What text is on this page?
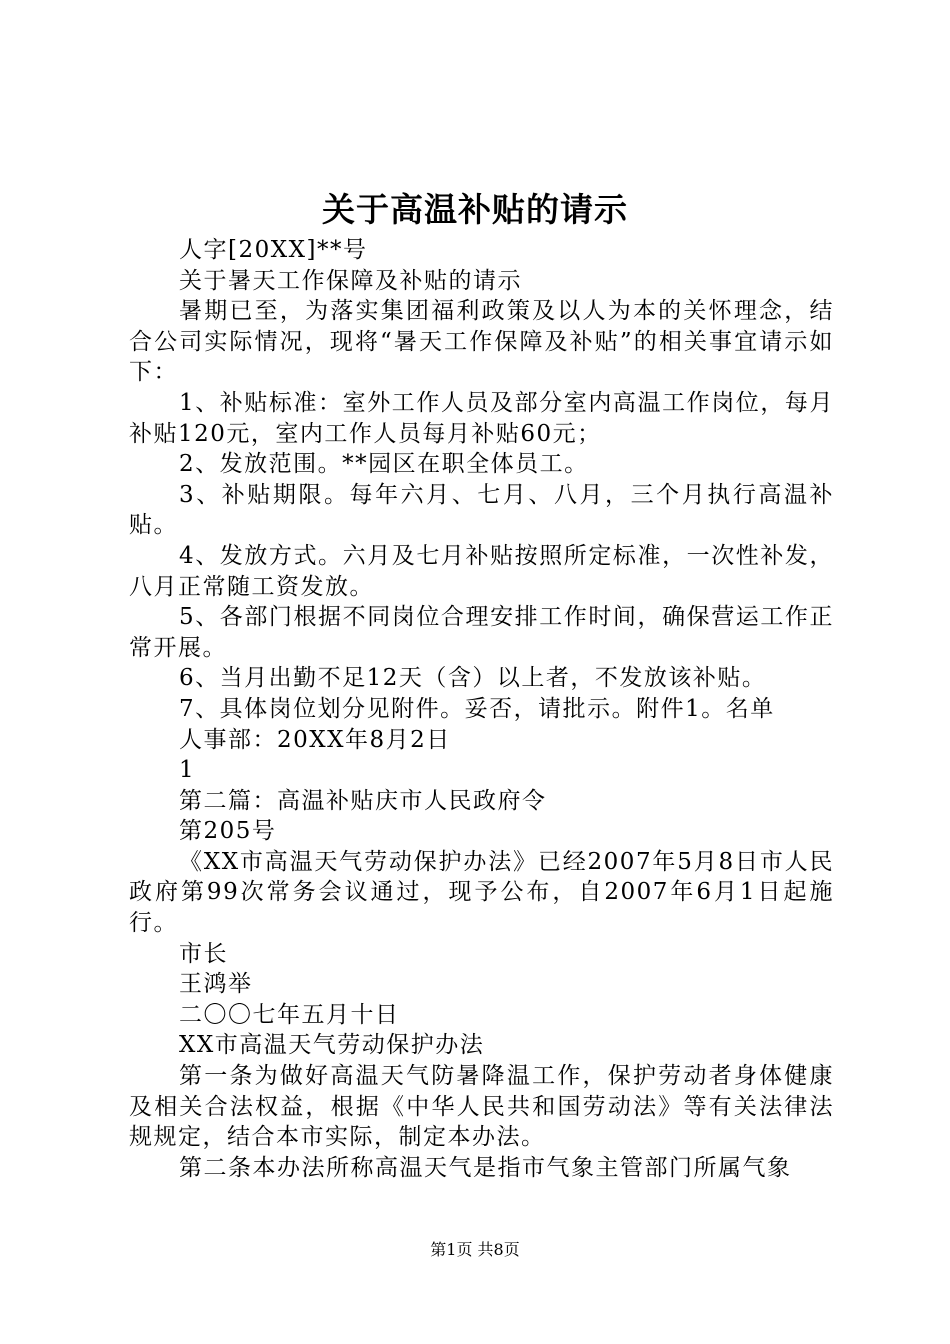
关于高温补贴的请示

人字[20XX]**号

关于暑天工作保障及补贴的请示

暑期已至，为落实集团福利政策及以人为本的关怀理念，结合公司实际情况，现将“暑天工作保障及补贴”的相关事宜请示如下：

1、补贴标准：室外工作人员及部分室内高温工作岗位，每月补贴120元，室内工作人员每月补贴60元；

2、发放范围。**园区在职全体员工。

3、补贴期限。每年六月、七月、八月，三个月执行高温补贴。

4、发放方式。六月及七月补贴按照所定标准，一次性补发，八月正常随工资发放。

5、各部门根据不同岗位合理安排工作时间，确保营运工作正常开展。

6、当月出勤不足12天（含）以上者，不发放该补贴。

7、具体岗位划分见附件。妥否，请批示。附件1。名单

人事部：20XX年8月2日

1

第二篇：高温补贴庆市人民政府令

第205号

《XX市高温天气劳动保护办法》已经2007年5月8日市人民政府第99次常务会议通过，现予公布，自2007年6月1日起施行。

市长

王鸿举

二〇〇七年五月十日

XX市高温天气劳动保护办法

第一条为做好高温天气防暑降温工作，保护劳动者身体健康及相关合法权益，根据《中华人民共和国劳动法》等有关法律法规规定，结合本市实际，制定本办法。

第二条本办法所称高温天气是指市气象主管部门所属气象

第1页 共8页
